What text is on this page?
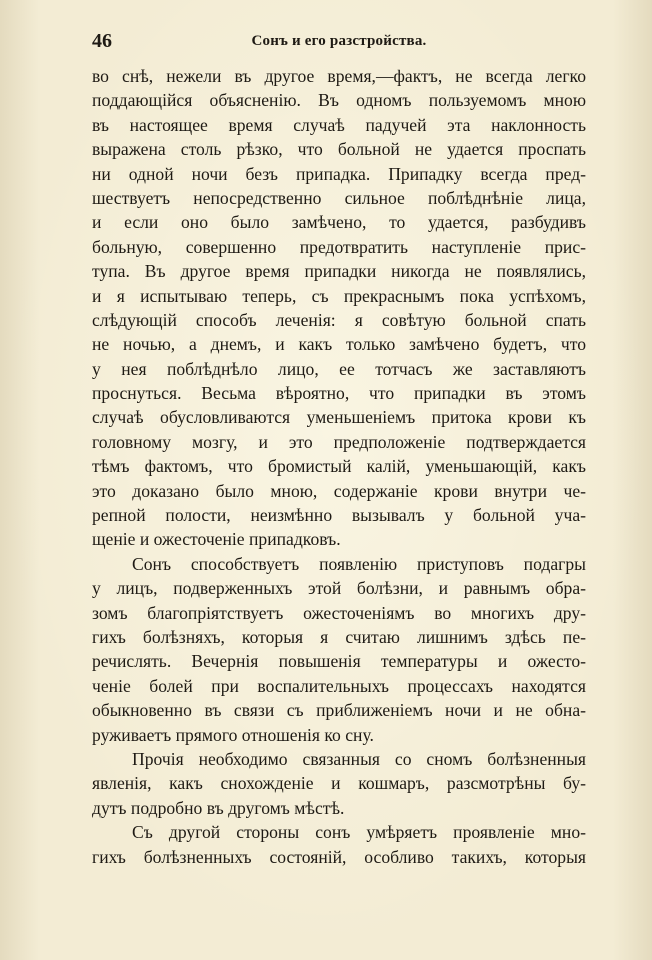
46	Сонъ и его разстройства.
во снѣ, нежели въ другое время,—фактъ, не всегда легко
поддающійся объясненію. Въ одномъ пользуемомъ мною
въ настоящее время случаѣ падучей эта наклонность
выражена столь рѣзко, что больной не удается проспать
ни одной ночи безъ припадка. Припадку всегда пред-
шествуетъ непосредственно сильное поблѣднѣніе лица,
и если оно было замѣчено, то удается, разбудивъ
больную, совершенно предотвратить наступленіе прис-
тупа. Въ другое время припадки никогда не появлялись,
и я испытываю теперь, съ прекраснымъ пока успѣхомъ,
слѣдующій способъ леченія: я совѣтую больной спать
не ночью, а днемъ, и какъ только замѣчено будетъ, что
у нея поблѣднѣло лицо, ее тотчасъ же заставляютъ
проснуться. Весьма вѣроятно, что припадки въ этомъ
случаѣ обусловливаются уменьшеніемъ притока крови къ
головному мозгу, и это предположеніе подтверждается
тѣмъ фактомъ, что бромистый калій, уменьшающій, какъ
это доказано было мною, содержаніе крови внутри че-
репной полости, неизмѣнно вызывалъ у больной уча-
щеніе и ожесточеніе припадковъ.
Сонъ способствуетъ появленію приступовъ подагры
у лицъ, подверженныхъ этой болѣзни, и равнымъ обра-
зомъ благопріятствуетъ ожесточеніямъ во многихъ дру-
гихъ болѣзняхъ, которыя я считаю лишнимъ здѣсь пе-
речислять. Вечернія повышенія температуры и ожесто-
ченіе болей при воспалительныхъ процессахъ находятся
обыкновенно въ связи съ приближеніемъ ночи и не обна-
руживаетъ прямого отношенія ко сну.
Прочія необходимо связанныя со сномъ болѣзненныя
явленія, какъ снохожденіе и кошмаръ, разсмотрѣны бу-
дутъ подробно въ другомъ мѣстѣ.
Съ другой стороны сонъ умѣряетъ проявленіе мно-
гихъ болѣзненныхъ состояній, особливо такихъ, которыя
